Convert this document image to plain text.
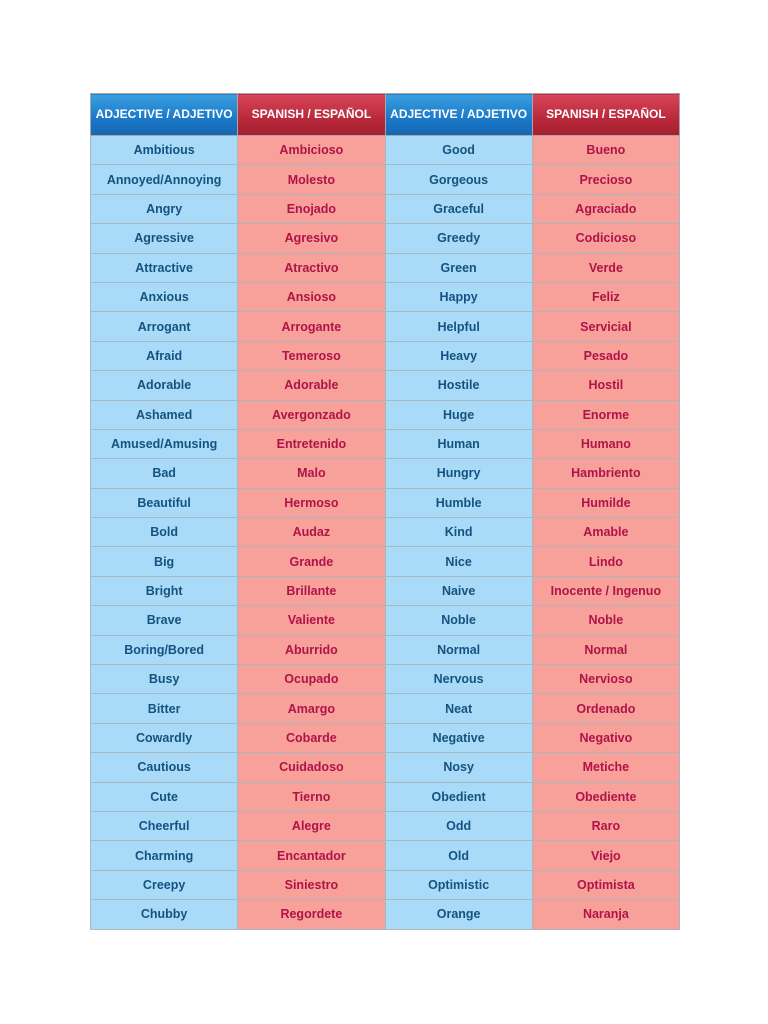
ADJECTIVE / ADJETIVO	SPANISH / ESPAÑOL	ADJECTIVE / ADJETIVO	SPANISH / ESPAÑOL
Ambitious	Ambicioso	Good	Bueno
Annoyed/Annoying	Molesto	Gorgeous	Precioso
Angry	Enojado	Graceful	Agraciado
Agressive	Agresivo	Greedy	Codicioso
Attractive	Atractivo	Green	Verde
Anxious	Ansioso	Happy	Feliz
Arrogant	Arrogante	Helpful	Servicial
Afraid	Temeroso	Heavy	Pesado
Adorable	Adorable	Hostile	Hostil
Ashamed	Avergonzado	Huge	Enorme
Amused/Amusing	Entretenido	Human	Humano
Bad	Malo	Hungry	Hambriento
Beautiful	Hermoso	Humble	Humilde
Bold	Audaz	Kind	Amable
Big	Grande	Nice	Lindo
Bright	Brillante	Naive	Inocente / Ingenuo
Brave	Valiente	Noble	Noble
Boring/Bored	Aburrido	Normal	Normal
Busy	Ocupado	Nervous	Nervioso
Bitter	Amargo	Neat	Ordenado
Cowardly	Cobarde	Negative	Negativo
Cautious	Cuidadoso	Nosy	Metiche
Cute	Tierno	Obedient	Obediente
Cheerful	Alegre	Odd	Raro
Charming	Encantador	Old	Viejo
Creepy	Siniestro	Optimistic	Optimista
Chubby	Regordete	Orange	Naranja
